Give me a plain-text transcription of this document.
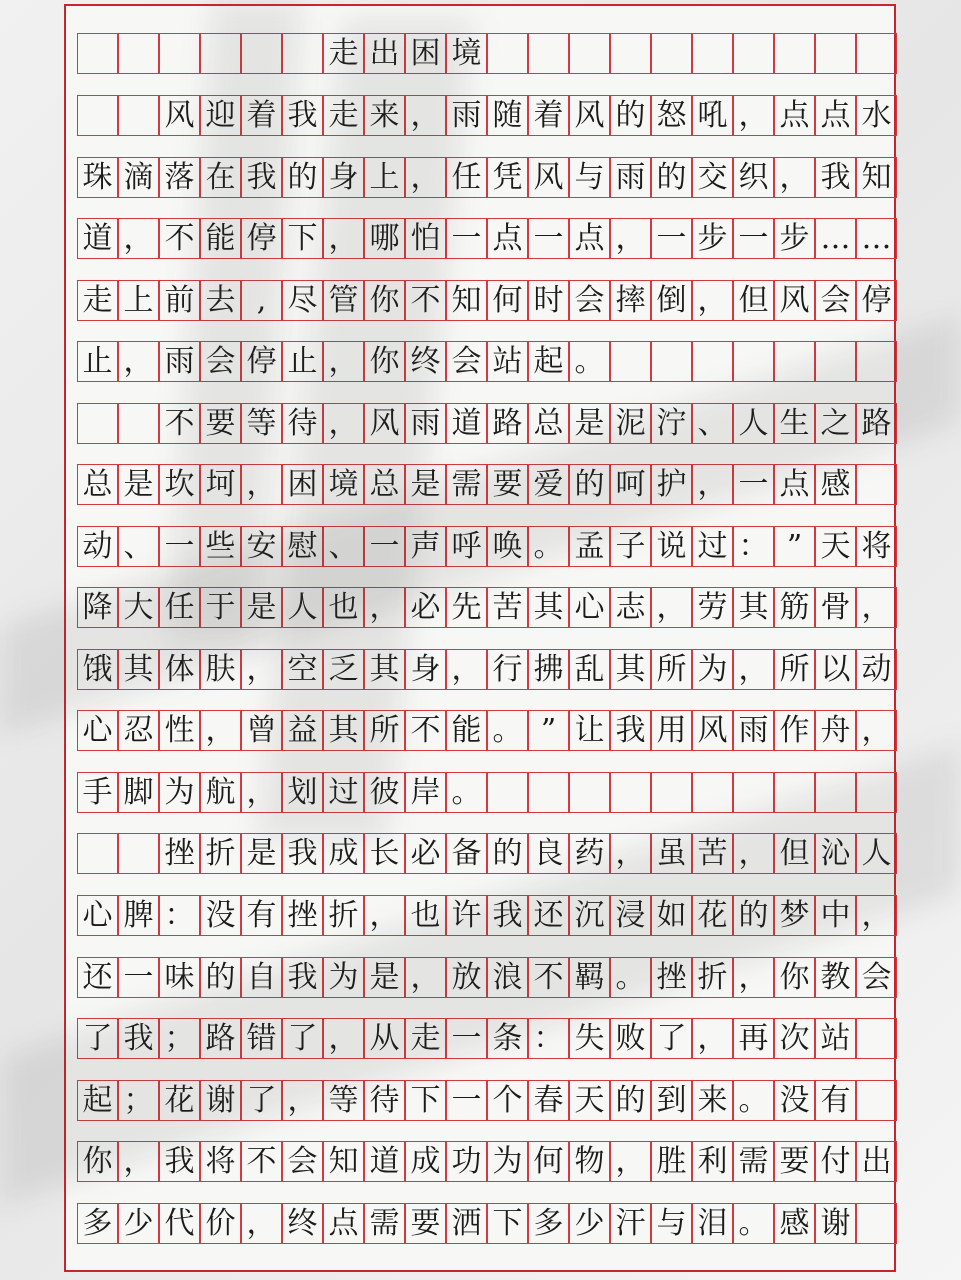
走 出 困 境
风 迎 着 我 走 来 ， 雨 随 着 风 的 怒 吼 ， 点 点 水
珠 滴 落 在 我 的 身 上 ， 任 凭 风 与 雨 的 交 织 ， 我 知
道 ， 不 能 停 下 ， 哪 怕 一 点 一 点 ， 一 步 一 步 … …
走 上 前 去 , 尽 管 你 不 知 何 时 会 摔 倒 ， 但 风 会 停
止 ， 雨 会 停 止 ， 你 终 会 站 起 。
不 要 等 待 ， 风 雨 道 路 总 是 泥 泞 、 人 生 之 路
总 是 坎 坷 ， 困 境 总 是 需 要 爱 的 呵 护 ， 一 点 感
动 、 一 些 安 慰 、 一 声 呼 唤 。 孟 子 说 过 ： ” 天 将
降 大 任 于 是 人 也 ， 必 先 苦 其 心 志 ， 劳 其 筋 骨 ，
饿 其 体 肤 ， 空 乏 其 身 ， 行 拂 乱 其 所 为 ， 所 以 动
心 忍 性 ， 曾 益 其 所 不 能 。 ” 让 我 用 风 雨 作 舟 ，
手 脚 为 航 ， 划 过 彼 岸 。
挫 折 是 我 成 长 必 备 的 良 药 ， 虽 苦 ， 但 沁 人
心 脾 ： 没 有 挫 折 ， 也 许 我 还 沉 浸 如 花 的 梦 中 ，
还 一 味 的 自 我 为 是 ， 放 浪 不 羁 。 挫 折 ， 你 教 会
了 我 ； 路 错 了 ， 从 走 一 条 ： 失 败 了 ， 再 次 站
起 ； 花 谢 了 ， 等 待 下 一 个 春 天 的 到 来 。 没 有
你 ， 我 将 不 会 知 道 成 功 为 何 物 ， 胜 利 需 要 付 出
多 少 代 价 ， 终 点 需 要 洒 下 多 少 汗 与 泪 。 感 谢
